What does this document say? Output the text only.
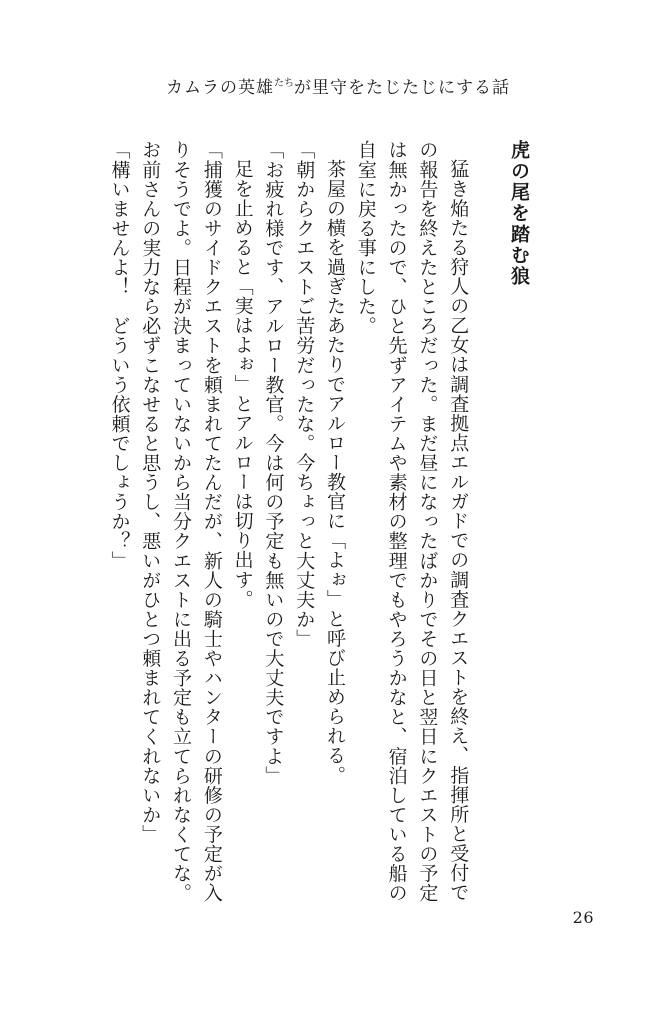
カムラの英雄$^{たち}$が里守をたじたじにする話
虎の尾を踏む狼

猛き焔たる狩人の乙女は調査拠点エルガドでの調査クエストを終え、指揮所と受付での報告を終えたところだった。まだ昼になったばかりでその日と翌日にクエストの予定は無かったので、ひと先ずアイテムや素材の整理でもやろうかなと、宿泊している船の自室に戻る事にした。

茶屋の横を過ぎたあたりでアルロー教官に「よぉ」と呼び止められる。

「朝からクエストご苦労だったな。今ちょっと大丈夫か」

「お疲れ様です、アルロー教官。今は何の予定も無いので大丈夫ですよ」

足を止めると「実はよぉ」とアルローは切り出す。

「捕獲のサイドクエストを頼まれてたんだが、新人の騎士やハンターの研修の予定が入りそうでよ。日程が決まっていないから当分クエストに出る予定も立てられなくてな。お前さんの実力なら必ずこなせると思うし、悪いがひとつ頼まれてくれないか」

「構いませんよ！　どういう依頼でしょうか？」

26
